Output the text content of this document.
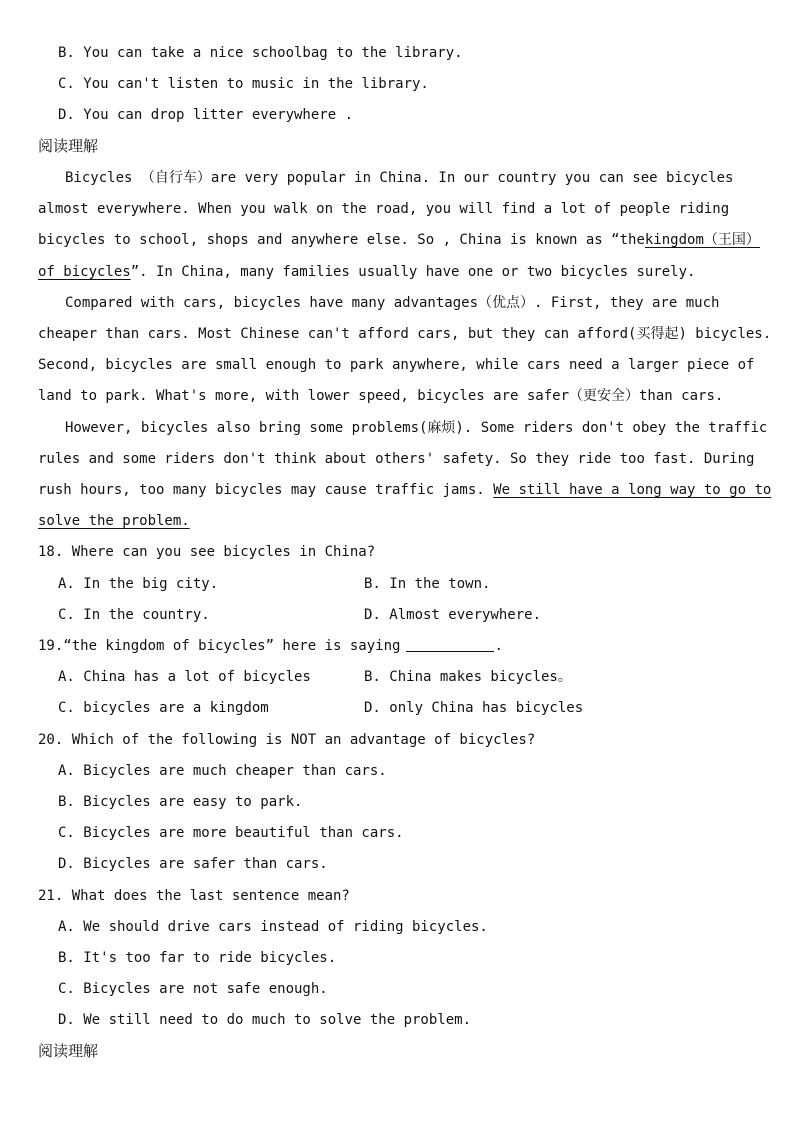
B. You can take a nice schoolbag to the library.
C. You can't listen to music in the library.
D. You can drop litter everywhere .
阅读理解
Bicycles （自行车）are very popular in China. In our country you can see bicycles
almost everywhere. When you walk on the road, you will find a lot of people riding
bicycles to school, shops and anywhere else. So , China is known as “thekingdom（王国）
of bicycles”. In China, many families usually have one or two bicycles surely.
Compared with cars, bicycles have many advantages（优点）. First, they are much
cheaper than cars. Most Chinese can't afford cars, but they can afford(买得起) bicycles.
Second, bicycles are small enough to park anywhere, while cars need a larger piece of
land to park. What's more, with lower speed, bicycles are safer（更安全）than cars.
However, bicycles also bring some problems(麻烦). Some riders don't obey the traffic
rules and some riders don't think about others' safety. So they ride too fast. During
rush hours, too many bicycles may cause traffic jams. We still have a long way to go to
solve the problem.
18. Where can you see bicycles in China?
A. In the big city.	B. In the town.
C. In the country.	D. Almost everywhere.
19.“the kingdom of bicycles” here is saying	.
A. China has a lot of bicycles	B. China makes bicycles。
C. bicycles are a kingdom	D. only China has bicycles
20. Which of the following is NOT an advantage of bicycles?
A. Bicycles are much cheaper than cars.
B. Bicycles are easy to park.
C. Bicycles are more beautiful than cars.
D. Bicycles are safer than cars.
21. What does the last sentence mean?
A. We should drive cars instead of riding bicycles.
B. It's too far to ride bicycles.
C. Bicycles are not safe enough.
D. We still need to do much to solve the problem.
阅读理解
